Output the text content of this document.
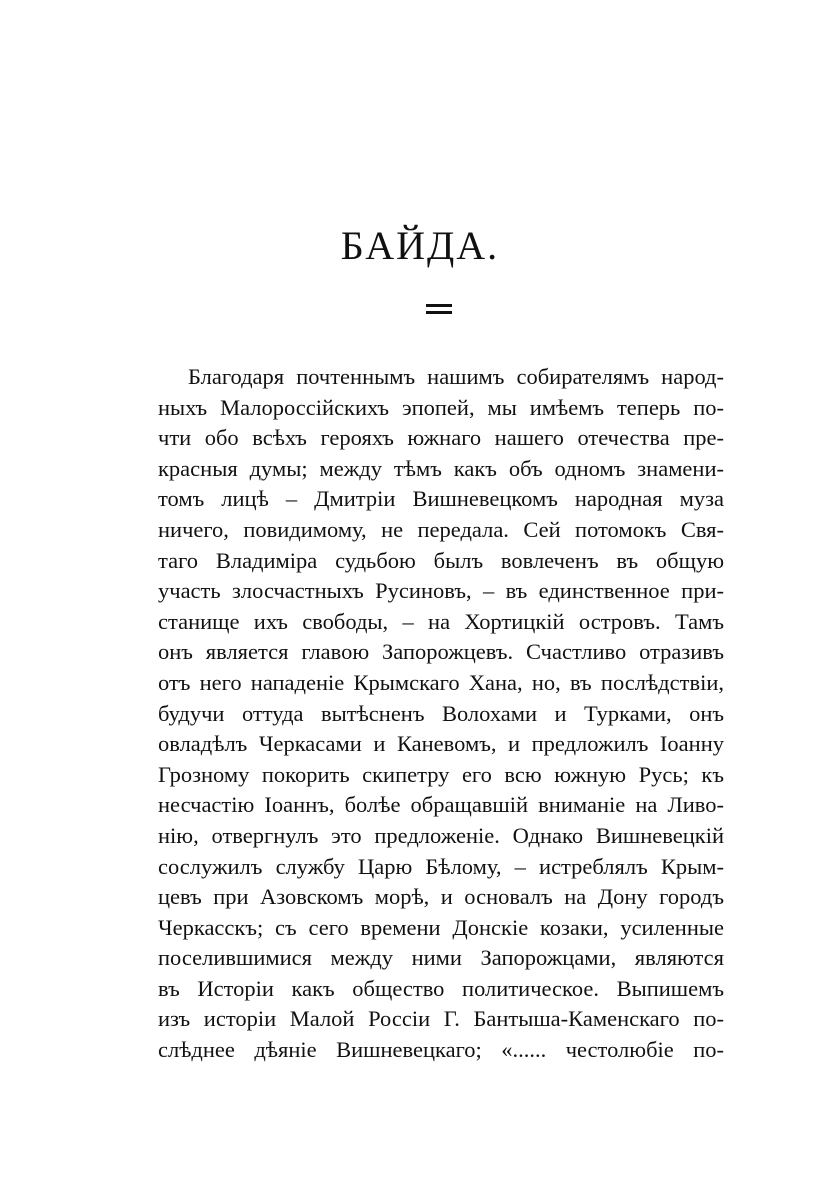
БАЙДА.
Благодаря почтеннымъ нашимъ собирателямъ народ-
ныхъ Малороссійскихъ эпопей, мы имѣемъ теперь по-
чти обо всѣхъ герояхъ южнаго нашего отечества пре-
красныя думы; между тѣмъ какъ объ одномъ знамени-
томъ лицѣ – Дмитріи Вишневецкомъ народная муза
ничего, повидимому, не передала. Сей потомокъ Свя-
таго Владиміра судьбою былъ вовлеченъ въ общую
участь злосчастныхъ Русиновъ, – въ единственное при-
станище ихъ свободы, – на Хортицкій островъ. Тамъ
онъ является главою Запорожцевъ. Счастливо отразивъ
отъ него нападеніе Крымскаго Хана, но, въ послѣдствіи,
будучи оттуда вытѣсненъ Волохами и Турками, онъ
овладѣлъ Черкасами и Каневомъ, и предложилъ Іоанну
Грозному покорить скипетру его всю южную Русь; къ
несчастію Іоаннъ, болѣе обращавшій вниманіе на Ливо-
нію, отвергнулъ это предложеніе. Однако Вишневецкій
сослужилъ службу Царю Бѣлому, – истреблялъ Крым-
цевъ при Азовскомъ морѣ, и основалъ на Дону городъ
Черкасскъ; съ сего времени Донскіе козаки, усиленные
поселившимися между ними Запорожцами, являются
въ Исторіи какъ общество политическое. Выпишемъ
изъ исторіи Малой Россіи Г. Бантыша-Каменскаго по-
слѣднее дѣяніе Вишневецкаго; «...... честолюбіе по-
